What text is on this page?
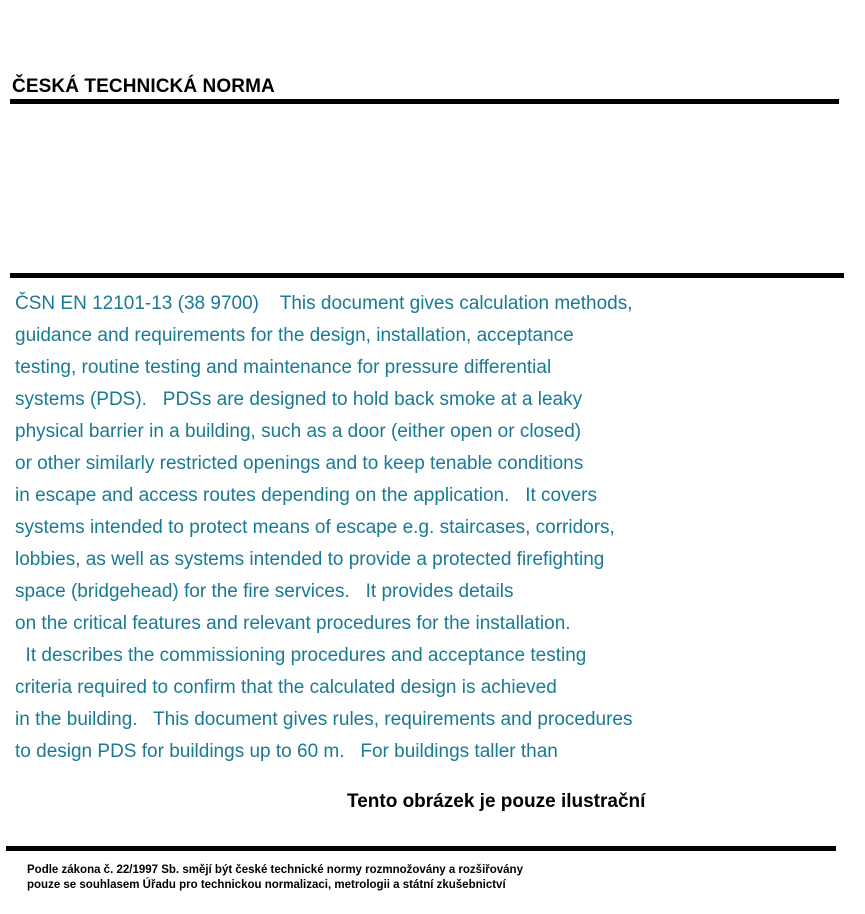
ČESKÁ TECHNICKÁ NORMA
ČSN EN 12101-13 (38 9700)    This document gives calculation methods,
guidance and requirements for the design, installation, acceptance
testing, routine testing and maintenance for pressure differential
systems (PDS).   PDSs are designed to hold back smoke at a leaky
physical barrier in a building, such as a door (either open or closed)
or other similarly restricted openings and to keep tenable conditions
in escape and access routes depending on the application.   It covers
systems intended to protect means of escape e.g. staircases, corridors,
lobbies, as well as systems intended to provide a protected firefighting
space (bridgehead) for the fire services.   It provides details
on the critical features and relevant procedures for the installation.
It describes the commissioning procedures and acceptance testing
criteria required to confirm that the calculated design is achieved
in the building.   This document gives rules, requirements and procedures
to design PDS for buildings up to 60 m.   For buildings taller than
Tento obrázek je pouze ilustrační
Podle zákona č. 22/1997 Sb. smějí být české technické normy rozmnožovány a rozšiřovány
pouze se souhlasem Úřadu pro technickou normalizaci, metrologii a státní zkušebnictví
